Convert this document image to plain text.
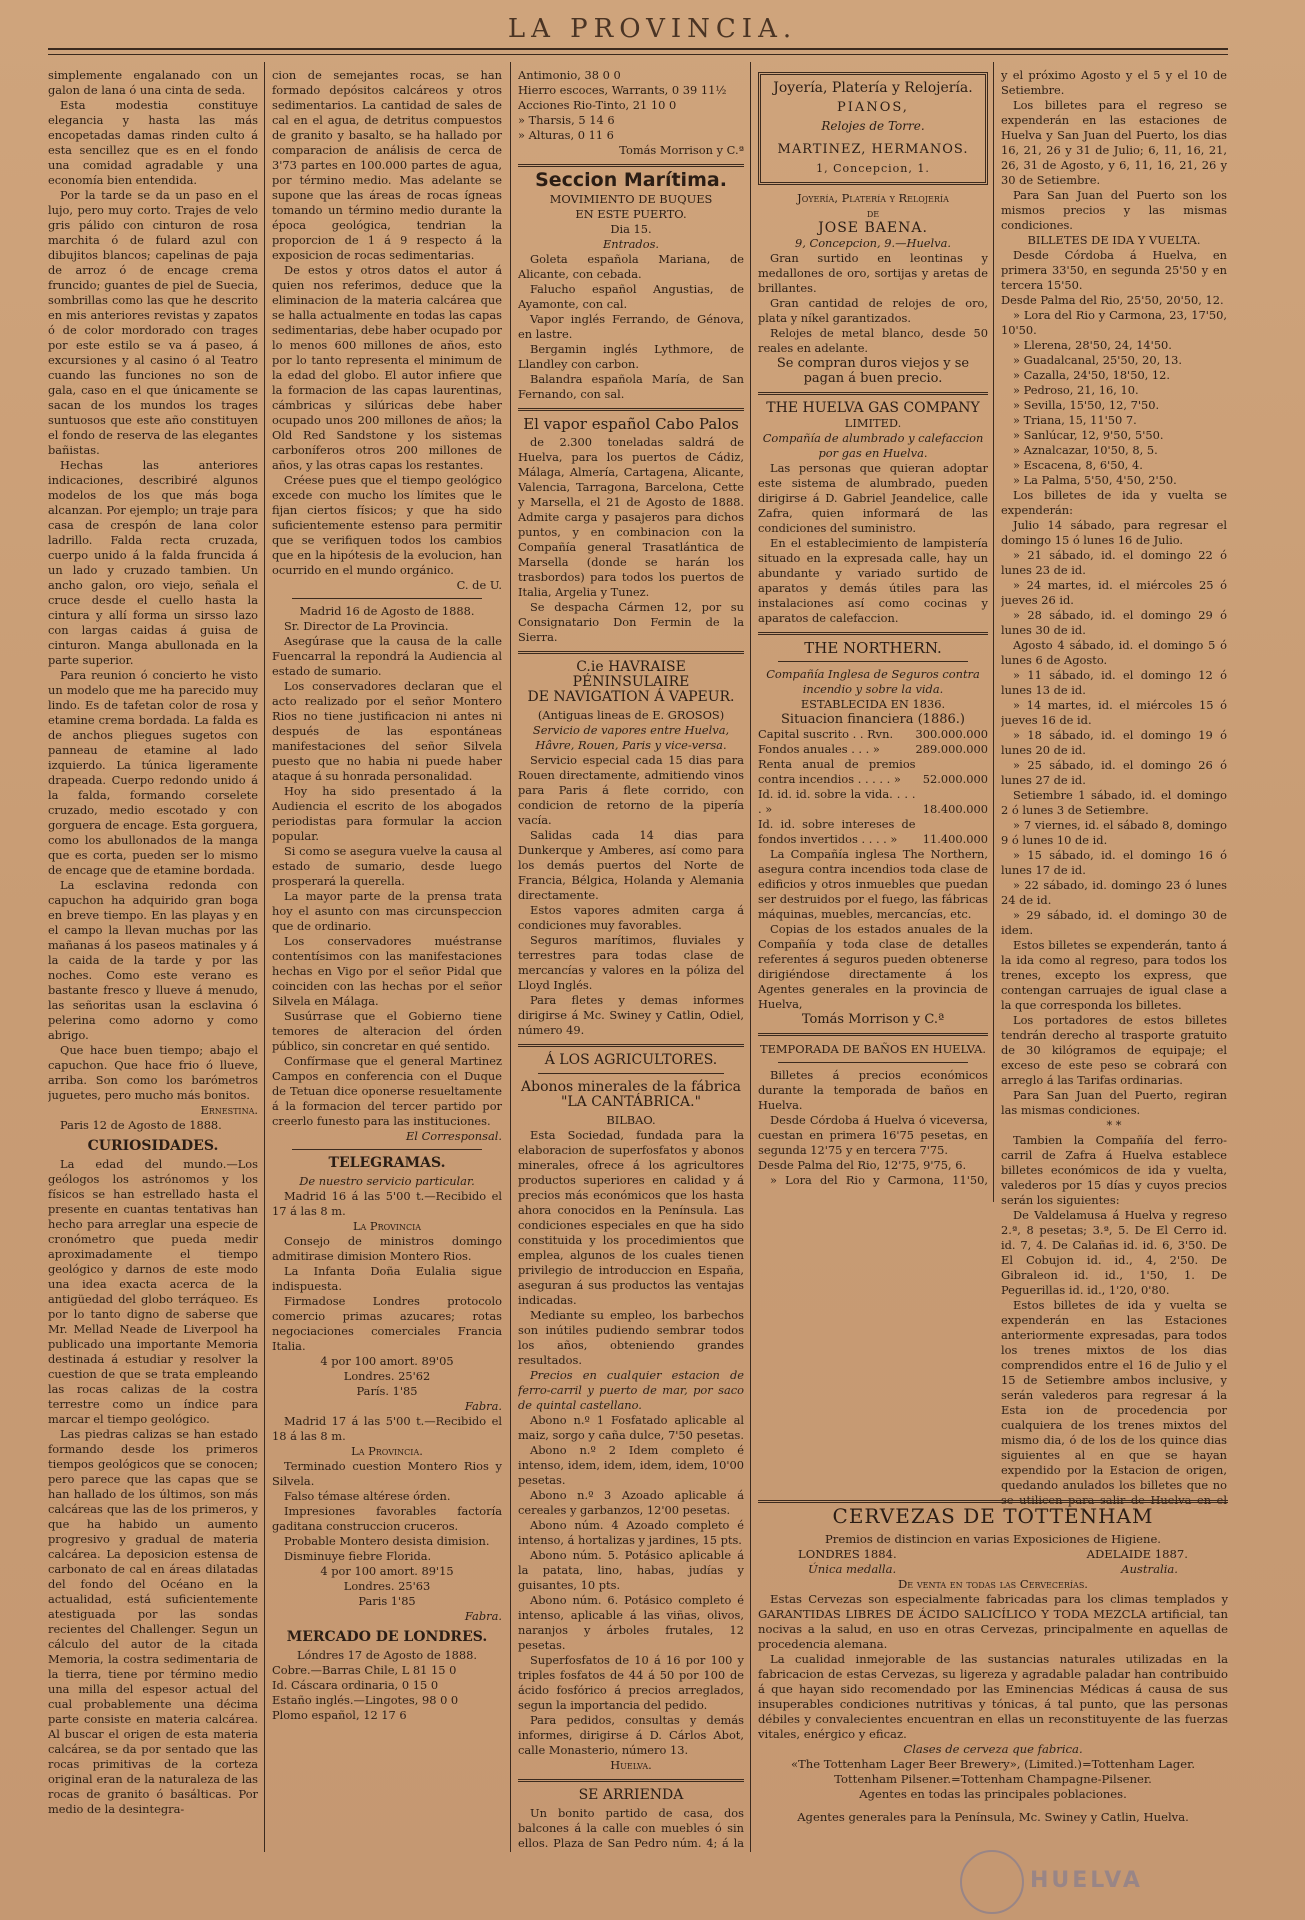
LA PROVINCIA.

simplemente engalanado con un galon de lana ó una cinta de seda.

Esta modestia constituye elegancia y hasta las más encopetadas damas rinden culto á esta sencillez que es en el fondo una comidad agradable y una economía bien entendida.

Por la tarde se da un paso en el lujo, pero muy corto. Trajes de velo gris pálido con cinturon de rosa marchita ó de fulard azul con dibujitos blancos; capelinas de paja de arroz ó de encage crema fruncido; guantes de piel de Suecia, sombrillas como las que he descrito en mis anteriores revistas y zapatos ó de color mordorado con trages por este estilo se va á paseo, á excursiones y al casino ó al Teatro cuando las funciones no son de gala, caso en el que únicamente se sacan de los mundos los trages suntuosos que este año constituyen el fondo de reserva de las elegantes bañistas.

Hechas las anteriores indicaciones, describiré algunos modelos de los que más boga alcanzan. Por ejemplo; un traje para casa de crespón de lana color ladrillo. Falda recta cruzada, cuerpo unido á la falda fruncida á un lado y cruzado tambien. Un ancho galon, oro viejo, señala el cruce desde el cuello hasta la cintura y allí forma un sirsso lazo con largas caidas á guisa de cinturon. Manga abullonada en la parte superior.

Para reunion ó concierto he visto un modelo que me ha parecido muy lindo. Es de tafetan color de rosa y etamine crema bordada. La falda es de anchos pliegues sugetos con panneau de etamine al lado izquierdo. La túnica ligeramente drapeada. Cuerpo redondo unido á la falda, formando corselete cruzado, medio escotado y con gorguera de encage. Esta gorguera, como los abullonados de la manga que es corta, pueden ser lo mismo de encage que de etamine bordada.

La esclavina redonda con capuchon ha adquirido gran boga en breve tiempo. En las playas y en el campo la llevan muchas por las mañanas á los paseos matinales y á la caida de la tarde y por las noches. Como este verano es bastante fresco y llueve á menudo, las señoritas usan la esclavina ó pelerina como adorno y como abrigo.

Que hace buen tiempo; abajo el capuchon. Que hace frio ó llueve, arriba. Son como los barómetros juguetes, pero mucho más bonitos.

Ernestina.

Paris 12 de Agosto de 1888.

CURIOSIDADES.

La edad del mundo.—Los geólogos los astrónomos y los físicos se han estrellado hasta el presente en cuantas tentativas han hecho para arreglar una especie de cronómetro que pueda medir aproximadamente el tiempo geológico y darnos de este modo una idea exacta acerca de la antigüedad del globo terráqueo. Es por lo tanto digno de saberse que Mr. Mellad Neade de Liverpool ha publicado una importante Memoria destinada á estudiar y resolver la cuestion de que se trata empleando las rocas calizas de la costra terrestre como un índice para marcar el tiempo geológico.

Las piedras calizas se han estado formando desde los primeros tiempos geológicos que se conocen; pero parece que las capas que se han hallado de los últimos, son más calcáreas que las de los primeros, y que ha habido un aumento progresivo y gradual de materia calcárea. La deposicion estensa de carbonato de cal en áreas dilatadas del fondo del Océano en la actualidad, está suficientemente atestiguada por las sondas recientes del Challenger. Segun un cálculo del autor de la citada Memoria, la costra sedimentaria de la tierra, tiene por término medio una milla del espesor actual del cual probablemente una décima parte consiste en materia calcárea. Al buscar el origen de esta materia calcárea, se da por sentado que las rocas primitivas de la corteza original eran de la naturaleza de las rocas de granito ó basálticas. Por medio de la desintegra-

cion de semejantes rocas, se han formado depósitos calcáreos y otros sedimentarios. La cantidad de sales de cal en el agua, de detritus compuestos de granito y basalto, se ha hallado por comparacion de análisis de cerca de 3'73 partes en 100.000 partes de agua, por término medio. Mas adelante se supone que las áreas de rocas ígneas tomando un término medio durante la época geológica, tendrian la proporcion de 1 á 9 respecto á la exposicion de rocas sedimentarias.

De estos y otros datos el autor á quien nos referimos, deduce que la eliminacion de la materia calcárea que se halla actualmente en todas las capas sedimentarias, debe haber ocupado por lo menos 600 millones de años, esto por lo tanto representa el minimum de la edad del globo. El autor infiere que la formacion de las capas laurentinas, cámbricas y silúricas debe haber ocupado unos 200 millones de años; la Old Red Sandstone y los sistemas carboníferos otros 200 millones de años, y las otras capas los restantes.

Créese pues que el tiempo geológico excede con mucho los límites que le fijan ciertos físicos; y que ha sido suficientemente estenso para permitir que se verifiquen todos los cambios que en la hipótesis de la evolucion, han ocurrido en el mundo orgánico.

C. de U.

Madrid 16 de Agosto de 1888.

Sr. Director de La Provincia.

Asegúrase que la causa de la calle Fuencarral la repondrá la Audiencia al estado de sumario.

Los conservadores declaran que el acto realizado por el señor Montero Rios no tiene justificacion ni antes ni después de las espontáneas manifestaciones del señor Silvela puesto que no habia ni puede haber ataque á su honrada personalidad.

Hoy ha sido presentado á la Audiencia el escrito de los abogados periodistas para formular la accion popular.

Si como se asegura vuelve la causa al estado de sumario, desde luego prosperará la querella.

La mayor parte de la prensa trata hoy el asunto con mas circunspeccion que de ordinario.

Los conservadores muéstranse contentísimos con las manifestaciones hechas en Vigo por el señor Pidal que coinciden con las hechas por el señor Silvela en Málaga.

Susúrrase que el Gobierno tiene temores de alteracion del órden público, sin concretar en qué sentido.

Confírmase que el general Martinez Campos en conferencia con el Duque de Tetuan dice oponerse resueltamente á la formacion del tercer partido por creerlo funesto para las instituciones.

El Corresponsal.

TELEGRAMAS.

De nuestro servicio particular.

Madrid 16 á las 5'00 t.—Recibido el 17 á las 8 m.

La Provincia

Consejo de ministros domingo admitirase dimision Montero Rios.

La Infanta Doña Eulalia sigue indispuesta.

Firmadose Londres protocolo comercio primas azucares; rotas negociaciones comerciales Francia Italia.

4 por 100 amort. 89'05

Londres. 25'62

París. 1'85

Fabra.

Madrid 17 á las 5'00 t.—Recibido el 18 á las 8 m.

La Provincia.

Terminado cuestion Montero Rios y Silvela.

Falso témase altérese órden.

Impresiones favorables factoría gaditana construccion cruceros.

Probable Montero desista dimision.

Disminuye fiebre Florida.

4 por 100 amort. 89'15

Londres. 25'63

Paris 1'85

Fabra.

MERCADO DE LONDRES.

Lóndres 17 de Agosto de 1888.

Cobre.—Barras Chile, L 81 15 0

Id. Cáscara ordinaria, 0 15 0

Estaño inglés.—Lingotes, 98 0 0

Plomo español, 12 17 6

Antimonio, 38 0 0

Hierro escoces, Warrants, 0 39 11½

Acciones Rio-Tinto, 21 10 0

» Tharsis, 5 14 6

» Alturas, 0 11 6

Tomás Morrison y C.ª

Seccion Marítima.

MOVIMIENTO DE BUQUES

EN ESTE PUERTO.

Dia 15.

Entrados.

Goleta española Mariana, de Alicante, con cebada.

Falucho español Angustias, de Ayamonte, con cal.

Vapor inglés Ferrando, de Génova, en lastre.

Bergamin inglés Lythmore, de Llandley con carbon.

Balandra española María, de San Fernando, con sal.

El vapor español Cabo Palos

de 2.300 toneladas saldrá de Huelva, para los puertos de Cádiz, Málaga, Almería, Cartagena, Alicante, Valencia, Tarragona, Barcelona, Cette y Marsella, el 21 de Agosto de 1888. Admite carga y pasajeros para dichos puntos, y en combinacion con la Compañía general Trasatlántica de Marsella (donde se harán los trasbordos) para todos los puertos de Italia, Argelia y Tunez.

Se despacha Cármen 12, por su Consignatario Don Fermin de la Sierra.

C.ie HAVRAISE PÉNINSULAIRE
DE NAVIGATION Á VAPEUR.

(Antiguas lineas de E. GROSOS)

Servicio de vapores entre Huelva, Hâvre, Rouen, Paris y vice-versa.

Servicio especial cada 15 dias para Rouen directamente, admitiendo vinos para Paris á flete corrido, con condicion de retorno de la pipería vacía.

Salidas cada 14 dias para Dunkerque y Amberes, así como para los demás puertos del Norte de Francia, Bélgica, Holanda y Alemania directamente.

Estos vapores admiten carga á condiciones muy favorables.

Seguros marítimos, fluviales y terrestres para todas clase de mercancías y valores en la póliza del Lloyd Inglés.

Para fletes y demas informes dirigirse á Mc. Swiney y Catlin, Odiel, número 49.

Á LOS AGRICULTORES.
Abonos minerales de la fábrica
"LA CANTÁBRICA."

BILBAO.

Esta Sociedad, fundada para la elaboracion de superfosfatos y abonos minerales, ofrece á los agricultores productos superiores en calidad y á precios más económicos que los hasta ahora conocidos en la Península. Las condiciones especiales en que ha sido constituida y los procedimientos que emplea, algunos de los cuales tienen privilegio de introduccion en España, aseguran á sus productos las ventajas indicadas.

Mediante su empleo, los barbechos son inútiles pudiendo sembrar todos los años, obteniendo grandes resultados.

Precios en cualquier estacion de ferro-carril y puerto de mar, por saco de quintal castellano.

Abono n.º 1 Fosfatado aplicable al maiz, sorgo y caña dulce, 7'50 pesetas.

Abono n.º 2 Idem completo é intenso, idem, idem, idem, idem, 10'00 pesetas.

Abono n.º 3 Azoado aplicable á cereales y garbanzos, 12'00 pesetas.

Abono núm. 4 Azoado completo é intenso, á hortalizas y jardines, 15 pts.

Abono núm. 5. Potásico aplicable á la patata, lino, habas, judías y guisantes, 10 pts.

Abono núm. 6. Potásico completo é intenso, aplicable á las viñas, olivos, naranjos y árboles frutales, 12 pesetas.

Superfosfatos de 10 á 16 por 100 y triples fosfatos de 44 á 50 por 100 de ácido fosfórico á precios arreglados, segun la importancia del pedido.

Para pedidos, consultas y demás informes, dirigirse á D. Cárlos Abot, calle Monasterio, número 13.

Huelva.

SE ARRIENDA

Un bonito partido de casa, dos balcones á la calle con muebles ó sin ellos. Plaza de San Pedro núm. 4; á la

Joyería, Platería y Relojería.
PIANOS,
Relojes de Torre.
MARTINEZ, HERMANOS.
1, Concepcion, 1.

Joyería, Platería y Relojería

de

JOSE BAENA.

9, Concepcion, 9.—Huelva.

Gran surtido en leontinas y medallones de oro, sortijas y aretas de brillantes.

Gran cantidad de relojes de oro, plata y níkel garantizados.

Relojes de metal blanco, desde 50 reales en adelante.

Se compran duros viejos y se pagan á buen precio.

THE HUELVA GAS COMPANY

LIMITED.

Compañía de alumbrado y calefaccion por gas en Huelva.

Las personas que quieran adoptar este sistema de alumbrado, pueden dirigirse á D. Gabriel Jeandelice, calle Zafra, quien informará de las condiciones del suministro.

En el establecimiento de lampistería situado en la expresada calle, hay un abundante y variado surtido de aparatos y demás útiles para las instalaciones así como cocinas y aparatos de calefaccion.

THE NORTHERN.

Compañía Inglesa de Seguros contra incendio y sobre la vida.

ESTABLECIDA EN 1836.

Situacion financiera (1886.)

Capital suscrito . . Rvn.	300.000.000
Fondos anuales . . . »	289.000.000
Renta anual de premios contra incendios . . . . . »	52.000.000
Id. id. id. sobre la vida. . . . . »	18.400.000
Id. id. sobre intereses de fondos invertidos . . . . »	11.400.000

La Compañía inglesa The Northern, asegura contra incendios toda clase de edificios y otros inmuebles que puedan ser destruidos por el fuego, las fábricas máquinas, muebles, mercancías, etc.

Copias de los estados anuales de la Compañía y toda clase de detalles referentes á seguros pueden obtenerse dirigiéndose directamente á los Agentes generales en la provincia de Huelva,

Tomás Morrison y C.ª

TEMPORADA DE BAÑOS EN HUELVA.

Billetes á precios económicos durante la temporada de baños en Huelva.

Desde Córdoba á Huelva ó viceversa, cuestan en primera 16'75 pesetas, en segunda 12'75 y en tercera 7'75.

Desde Palma del Rio, 12'75, 9'75, 6.

» Lora del Rio y Carmona, 11'50,

y el próximo Agosto y el 5 y el 10 de Setiembre.

Los billetes para el regreso se expenderán en las estaciones de Huelva y San Juan del Puerto, los dias 16, 21, 26 y 31 de Julio; 6, 11, 16, 21, 26, 31 de Agosto, y 6, 11, 16, 21, 26 y 30 de Setiembre.

Para San Juan del Puerto son los mismos precios y las mismas condiciones.

BILLETES DE IDA Y VUELTA.

Desde Córdoba á Huelva, en primera 33'50, en segunda 25'50 y en tercera 15'50.

Desde Palma del Rio, 25'50, 20'50, 12.

» Lora del Rio y Carmona, 23, 17'50, 10'50.

» Llerena, 28'50, 24, 14'50.

» Guadalcanal, 25'50, 20, 13.

» Cazalla, 24'50, 18'50, 12.

» Pedroso, 21, 16, 10.

» Sevilla, 15'50, 12, 7'50.

» Triana, 15, 11'50 7.

» Sanlúcar, 12, 9'50, 5'50.

» Aznalcazar, 10'50, 8, 5.

» Escacena, 8, 6'50, 4.

» La Palma, 5'50, 4'50, 2'50.

Los billetes de ida y vuelta se expenderán:

Julio 14 sábado, para regresar el domingo 15 ó lunes 16 de Julio.

» 21 sábado, id. el domingo 22 ó lunes 23 de id.

» 24 martes, id. el miércoles 25 ó jueves 26 id.

» 28 sábado, id. el domingo 29 ó lunes 30 de id.

Agosto 4 sábado, id. el domingo 5 ó lunes 6 de Agosto.

» 11 sábado, id. el domingo 12 ó lunes 13 de id.

» 14 martes, id. el miércoles 15 ó jueves 16 de id.

» 18 sábado, id. el domingo 19 ó lunes 20 de id.

» 25 sábado, id. el domingo 26 ó lunes 27 de id.

Setiembre 1 sábado, id. el domingo 2 ó lunes 3 de Setiembre.

» 7 viernes, id. el sábado 8, domingo 9 ó lunes 10 de id.

» 15 sábado, id. el domingo 16 ó lunes 17 de id.

» 22 sábado, id. domingo 23 ó lunes 24 de id.

» 29 sábado, id. el domingo 30 de idem.

Estos billetes se expenderán, tanto á la ida como al regreso, para todos los trenes, excepto los express, que contengan carruajes de igual clase a la que corresponda los billetes.

Los portadores de estos billetes tendrán derecho al trasporte gratuito de 30 kilógramos de equipaje; el exceso de este peso se cobrará con arreglo á las Tarifas ordinarias.

Para San Juan del Puerto, regiran las mismas condiciones.

* *

Tambien la Compañía del ferro-carril de Zafra á Huelva establece billetes económicos de ida y vuelta, valederos por 15 días y cuyos precios serán los siguientes:

De Valdelamusa á Huelva y regreso 2.ª, 8 pesetas; 3.ª, 5. De El Cerro id. id. 7, 4. De Calañas id. id. 6, 3'50. De El Cobujon id. id., 4, 2'50. De Gibraleon id. id., 1'50, 1. De Peguerillas id. id., 1'20, 0'80.

Estos billetes de ida y vuelta se expenderán en las Estaciones anteriormente expresadas, para todos los trenes mixtos de los dias comprendidos entre el 16 de Julio y el 15 de Setiembre ambos inclusive, y serán valederos para regresar á la Esta ion de procedencia por cualquiera de los trenes mixtos del mismo dia, ó de los de los quince dias siguientes al en que se hayan expendido por la Estacion de origen, quedando anulados los billetes que no se utilicen para salir de Huelva en el

CERVEZAS DE TOTTENHAM

Premios de distincion en varias Exposiciones de Higiene.

LONDRES 1884.	ADELAIDE 1887.
Única medalla.	Australia.

De venta en todas las Cervecerías.

Estas Cervezas son especialmente fabricadas para los climas templados y GARANTIDAS LIBRES DE ÁCIDO SALICÍLICO Y TODA MEZCLA artificial, tan nocivas a la salud, en uso en otras Cervezas, principalmente en aquellas de procedencia alemana.

La cualidad inmejorable de las sustancias naturales utilizadas en la fabricacion de estas Cervezas, su ligereza y agradable paladar han contribuido á que hayan sido recomendado por las Eminencias Médicas á causa de sus insuperables condiciones nutritivas y tónicas, á tal punto, que las personas débiles y convalecientes encuentran en ellas un reconstituyente de las fuerzas vitales, enérgico y eficaz.

Clases de cerveza que fabrica.

«The Tottenham Lager Beer Brewery», (Limited.)=Tottenham Lager.

Tottenham Pilsener.=Tottenham Champagne-Pilsener.

Agentes en todas las principales poblaciones.

Agentes generales para la Península, Mc. Swiney y Catlin, Huelva.

HUELVA
